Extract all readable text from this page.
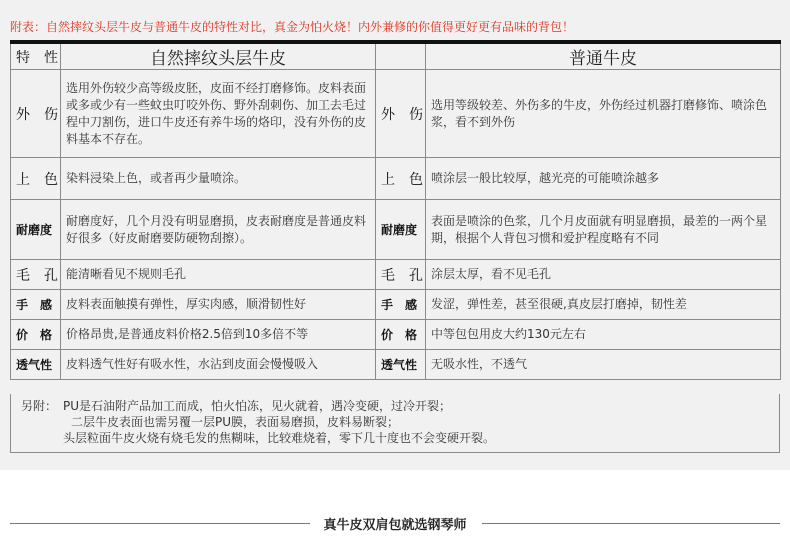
附表：自然摔纹头层牛皮与普通牛皮的特性对比，真金为怕火烧！内外兼修的你值得更好更有品味的背包！
特　性	自然摔纹头层牛皮		普通牛皮
外　伤	选用外伤较少高等级皮胚，皮面不经打磨修饰。皮料表面或多或少有一些蚊虫叮咬外伤、野外刮刺伤、加工去毛过程中刀割伤，进口牛皮还有养牛场的烙印，没有外伤的皮料基本不存在。	外　伤	选用等级较差、外伤多的牛皮，外伤经过机器打磨修饰、喷涂色浆，看不到外伤
上　色	染料浸染上色，或者再少量喷涂。	上　色	喷涂层一般比较厚，越光亮的可能喷涂越多
耐磨度	耐磨度好，几个月没有明显磨损，皮表耐磨度是普通皮料好很多（好皮耐磨要防硬物刮擦）。	耐磨度	表面是喷涂的色浆，几个月皮面就有明显磨损，最差的一两个星期，根据个人背包习惯和爱护程度略有不同
毛　孔	能清晰看见不规则毛孔	毛　孔	涂层太厚，看不见毛孔
手　感	皮料表面触摸有弹性，厚实肉感，顺滑韧性好	手　感	发涩，弹性差，甚至很硬,真皮层打磨掉，韧性差
价　格	价格昂贵,是普通皮料价格2.5倍到10多倍不等	价　格	中等包包用皮大约130元左右
透气性	皮料透气性好有吸水性，水沾到皮面会慢慢吸入	透气性	无吸水性，不透气
另附： PU是石油附产品加工而成，怕火怕冻，见火就着，遇冷变硬，过冷开裂；
二层牛皮表面也需另覆一层PU膜，表面易磨损，皮料易断裂；
头层粒面牛皮火烧有烧毛发的焦糊味，比较难烧着，零下几十度也不会变硬开裂。
真牛皮双肩包就选钢琴师
